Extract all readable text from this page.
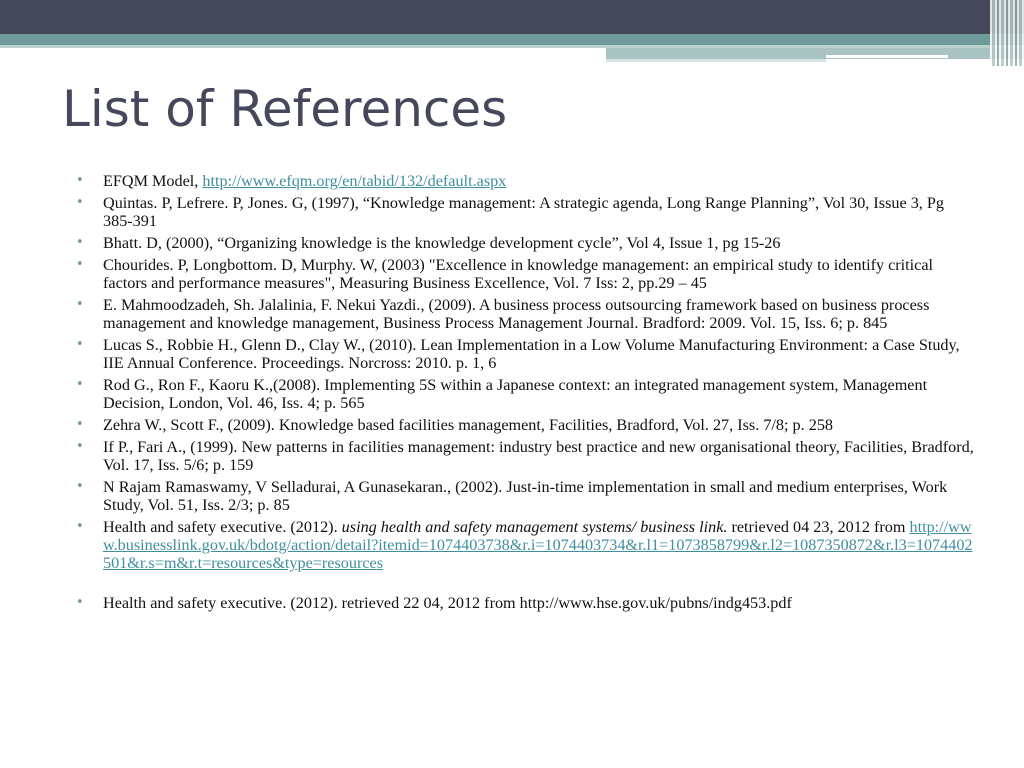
List of References
• EFQM Model, http://www.efqm.org/en/tabid/132/default.aspx
• Quintas. P, Lefrere. P, Jones. G, (1997), “Knowledge management: A strategic agenda, Long Range Planning”, Vol 30, Issue 3, Pg 385-391
• Bhatt. D, (2000), “Organizing knowledge is the knowledge development cycle”, Vol 4, Issue 1, pg 15-26
• Chourides. P, Longbottom. D, Murphy. W, (2003) "Excellence in knowledge management: an empirical study to identify critical factors and performance measures", Measuring Business Excellence, Vol. 7 Iss: 2, pp.29 – 45
• E. Mahmoodzadeh, Sh. Jalalinia, F. Nekui Yazdi., (2009). A business process outsourcing framework based on business process management and knowledge management, Business Process Management Journal. Bradford: 2009. Vol. 15, Iss. 6; p. 845
• Lucas S., Robbie H., Glenn D., Clay W., (2010). Lean Implementation in a Low Volume Manufacturing Environment: a Case Study, IIE Annual Conference. Proceedings. Norcross: 2010. p. 1, 6
• Rod G., Ron F., Kaoru K.,(2008). Implementing 5S within a Japanese context: an integrated management system, Management Decision, London, Vol. 46, Iss. 4; p. 565
• Zehra W., Scott F., (2009). Knowledge based facilities management, Facilities, Bradford, Vol. 27, Iss. 7/8; p. 258
• If P., Fari A., (1999). New patterns in facilities management: industry best practice and new organisational theory, Facilities, Bradford, Vol. 17, Iss. 5/6; p. 159
• N Rajam Ramaswamy, V Selladurai, A Gunasekaran., (2002). Just-in-time implementation in small and medium enterprises, Work Study, Vol. 51, Iss. 2/3; p. 85
• Health and safety executive. (2012). using health and safety management systems/ business link. retrieved 04 23, 2012 from http://www.businesslink.gov.uk/bdotg/action/detail?itemid=1074403738&r.i=1074403734&r.l1=1073858799&r.l2=1087350872&r.l3=1074402501&r.s=m&r.t=resources&type=resources
• Health and safety executive. (2012). retrieved 22 04, 2012 from http://www.hse.gov.uk/pubns/indg453.pdf
